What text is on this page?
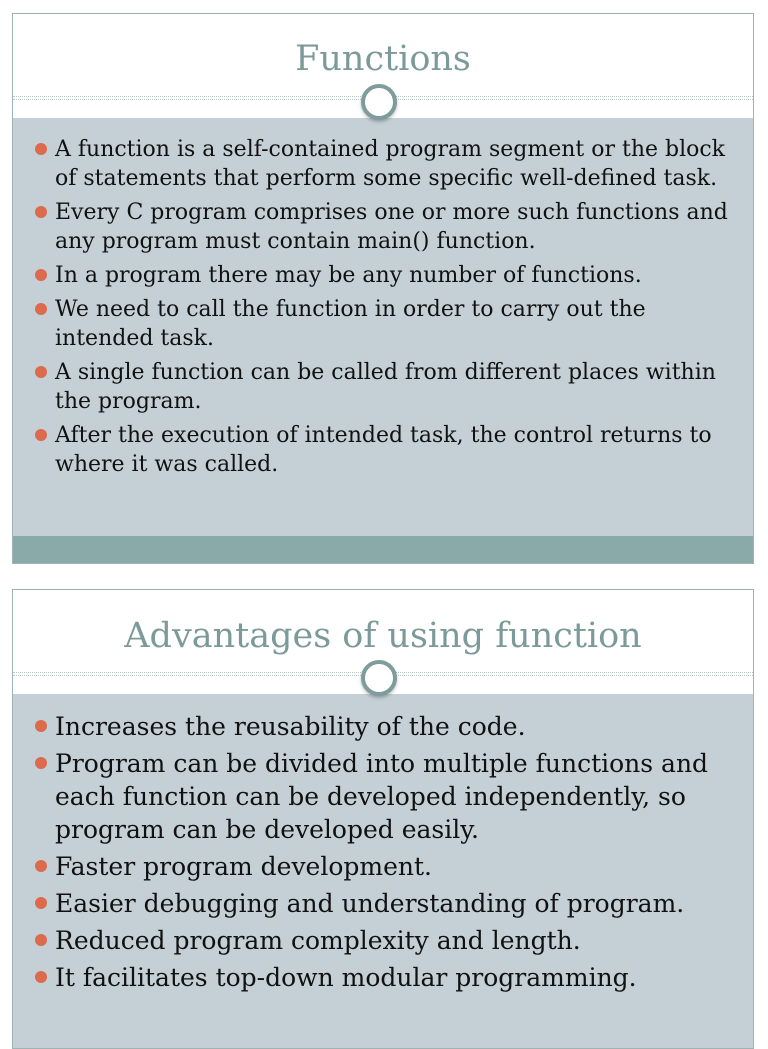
Functions
A function is a self-contained program segment or the block of statements that perform some specific well-defined task.
Every C program comprises one or more such functions and any program must contain main() function.
In a program there may be any number of functions.
We need to call the function in order to carry out the intended task.
A single function can be called from different places within the program.
After the execution of intended task, the control returns to where it was called.
Advantages of using function
Increases the reusability of the code.
Program can be divided into multiple functions and each function can be developed independently, so program can be developed easily.
Faster program development.
Easier debugging and understanding of program.
Reduced program complexity and length.
It facilitates top-down modular programming.
